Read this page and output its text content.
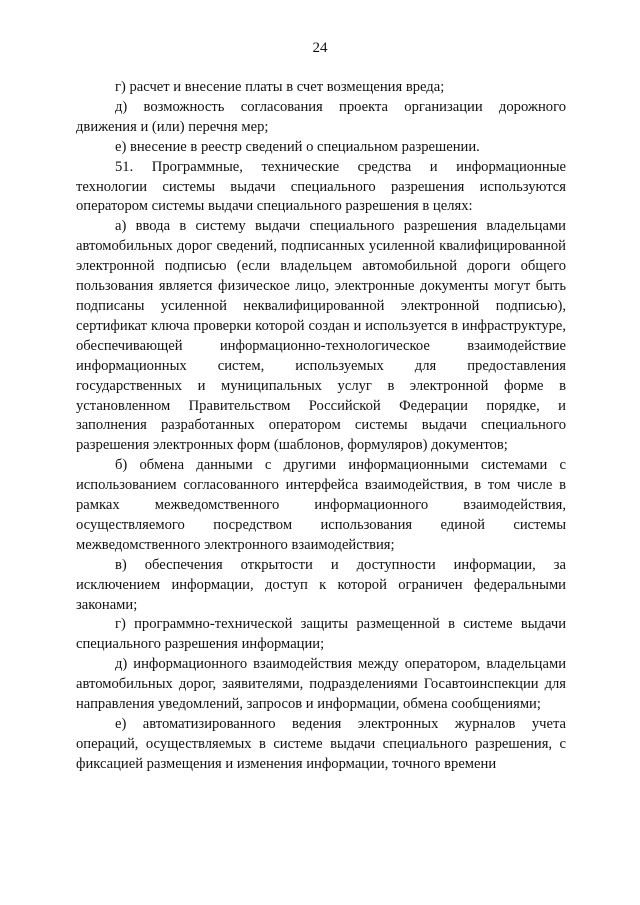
24

г) расчет и внесение платы в счет возмещения вреда;

д) возможность согласования проекта организации дорожного движения и (или) перечня мер;

е) внесение в реестр сведений о специальном разрешении.

51. Программные, технические средства и информационные технологии системы выдачи специального разрешения используются оператором системы выдачи специального разрешения в целях:

а) ввода в систему выдачи специального разрешения владельцами автомобильных дорог сведений, подписанных усиленной квалифицированной электронной подписью (если владельцем автомобильной дороги общего пользования является физическое лицо, электронные документы могут быть подписаны усиленной неквалифицированной электронной подписью), сертификат ключа проверки которой создан и используется в инфраструктуре, обеспечивающей информационно-технологическое взаимодействие информационных систем, используемых для предоставления государственных и муниципальных услуг в электронной форме в установленном Правительством Российской Федерации порядке, и заполнения разработанных оператором системы выдачи специального разрешения электронных форм (шаблонов, формуляров) документов;

б) обмена данными с другими информационными системами с использованием согласованного интерфейса взаимодействия, в том числе в рамках межведомственного информационного взаимодействия, осуществляемого посредством использования единой системы межведомственного электронного взаимодействия;

в) обеспечения открытости и доступности информации, за исключением информации, доступ к которой ограничен федеральными законами;

г) программно-технической защиты размещенной в системе выдачи специального разрешения информации;

д) информационного взаимодействия между оператором, владельцами автомобильных дорог, заявителями, подразделениями Госавтоинспекции для направления уведомлений, запросов и информации, обмена сообщениями;

е) автоматизированного ведения электронных журналов учета операций, осуществляемых в системе выдачи специального разрешения, с фиксацией размещения и изменения информации, точного времени
